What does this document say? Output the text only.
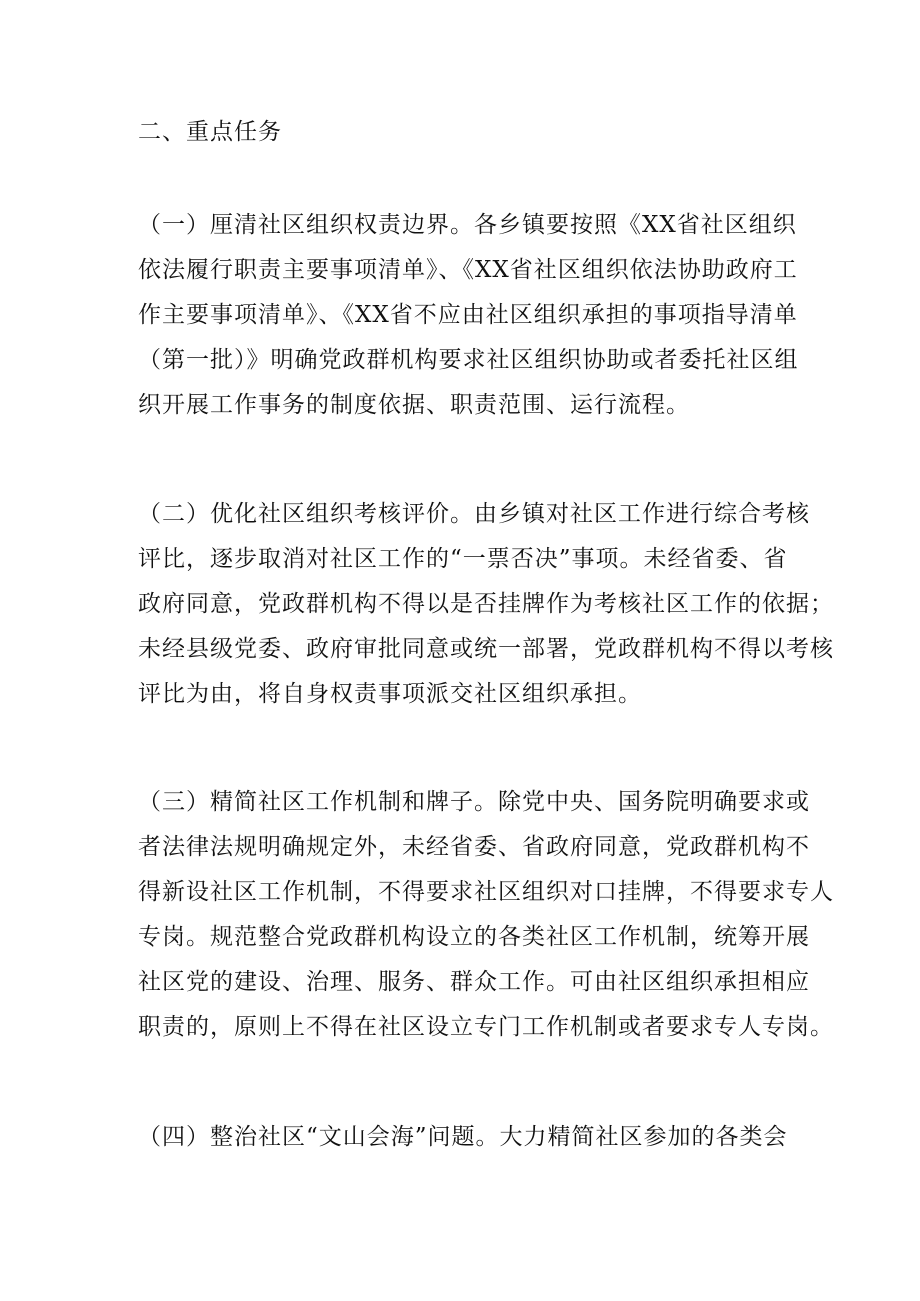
二、重点任务
（一）厘清社区组织权责边界。各乡镇要按照《XX省社区组织
依法履行职责主要事项清单》、《XX省社区组织依法协助政府工
作主要事项清单》、《XX省不应由社区组织承担的事项指导清单
（第一批）》明确党政群机构要求社区组织协助或者委托社区组
织开展工作事务的制度依据、职责范围、运行流程。
（二）优化社区组织考核评价。由乡镇对社区工作进行综合考核
评比，逐步取消对社区工作的“一票否决”事项。未经省委、省
政府同意，党政群机构不得以是否挂牌作为考核社区工作的依据；
未经县级党委、政府审批同意或统一部署，党政群机构不得以考核
评比为由，将自身权责事项派交社区组织承担。
（三）精简社区工作机制和牌子。除党中央、国务院明确要求或
者法律法规明确规定外，未经省委、省政府同意，党政群机构不
得新设社区工作机制，不得要求社区组织对口挂牌，不得要求专人
专岗。规范整合党政群机构设立的各类社区工作机制，统筹开展
社区党的建设、治理、服务、群众工作。可由社区组织承担相应
职责的，原则上不得在社区设立专门工作机制或者要求专人专岗。
（四）整治社区“文山会海”问题。大力精简社区参加的各类会
